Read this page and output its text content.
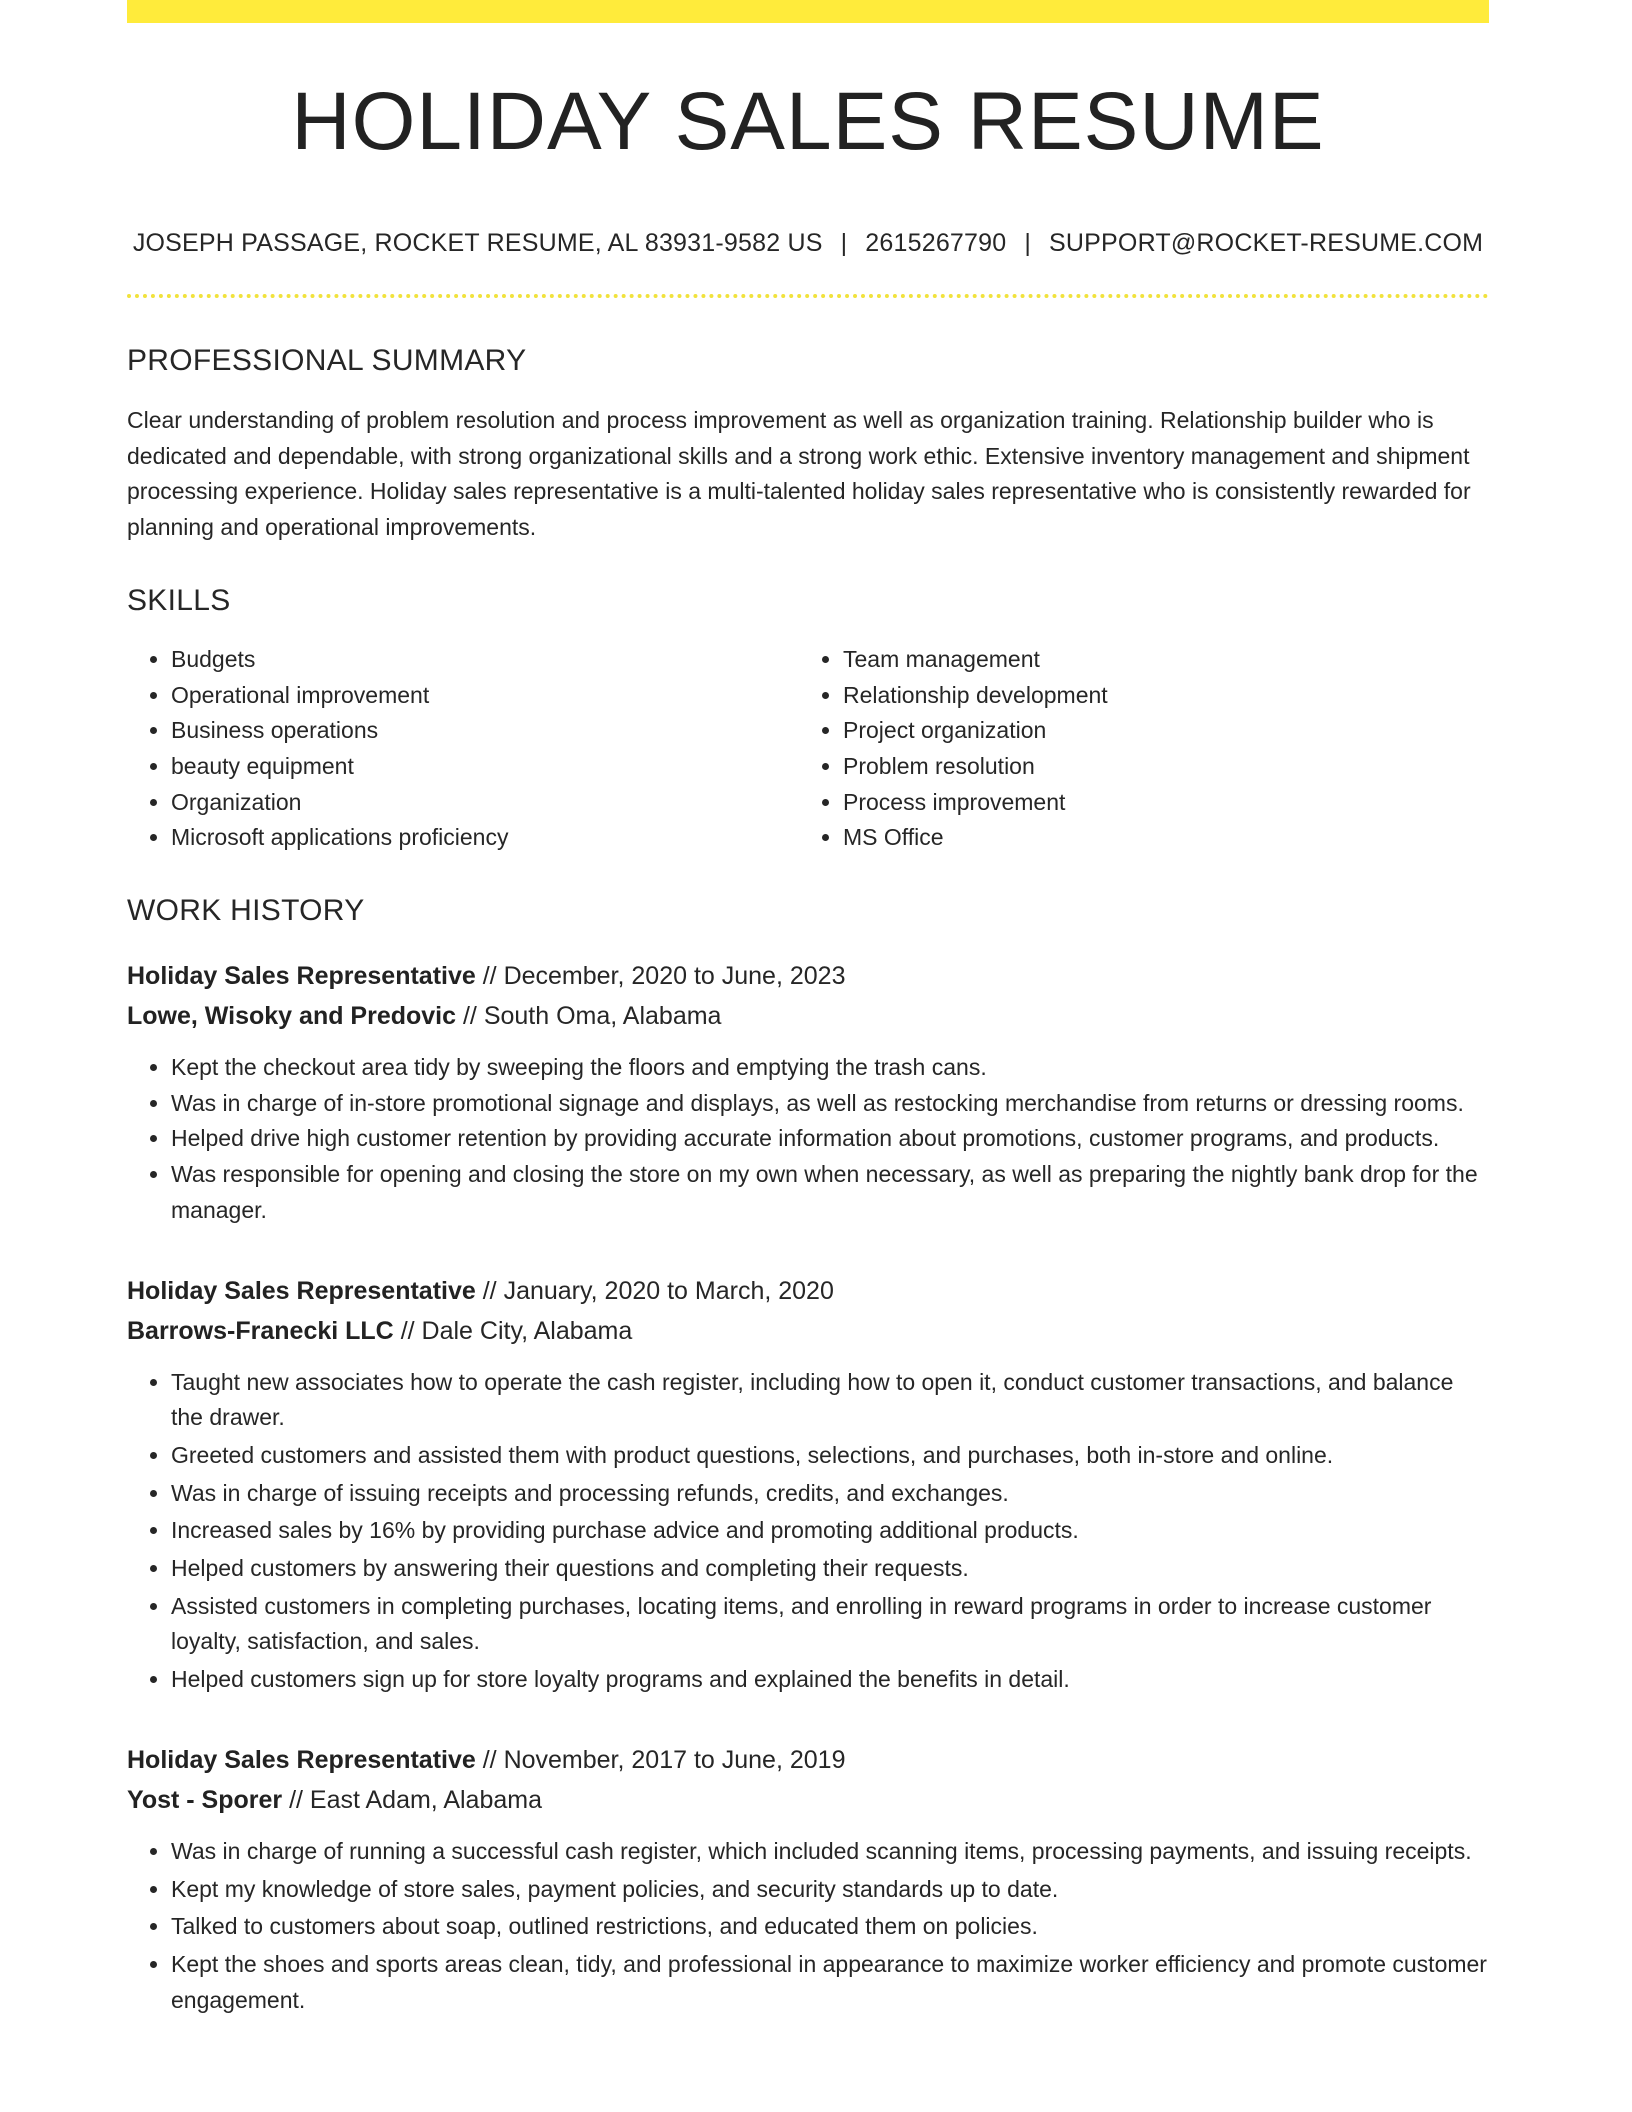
HOLIDAY SALES RESUME
JOSEPH PASSAGE, ROCKET RESUME, AL 83931-9582 US | 2615267790 | SUPPORT@ROCKET-RESUME.COM
PROFESSIONAL SUMMARY

Clear understanding of problem resolution and process improvement as well as organization training. Relationship builder who is dedicated and dependable, with strong organizational skills and a strong work ethic. Extensive inventory management and shipment processing experience. Holiday sales representative is a multi-talented holiday sales representative who is consistently rewarded for planning and operational improvements.

SKILLS
• Budgets
• Operational improvement
• Business operations
• beauty equipment
• Organization
• Microsoft applications proficiency
• Team management
• Relationship development
• Project organization
• Problem resolution
• Process improvement
• MS Office
WORK HISTORY
Holiday Sales Representative // December, 2020 to June, 2023
Lowe, Wisoky and Predovic // South Oma, Alabama
• Kept the checkout area tidy by sweeping the floors and emptying the trash cans.
• Was in charge of in-store promotional signage and displays, as well as restocking merchandise from returns or dressing rooms.
• Helped drive high customer retention by providing accurate information about promotions, customer programs, and products.
• Was responsible for opening and closing the store on my own when necessary, as well as preparing the nightly bank drop for the manager.
Holiday Sales Representative // January, 2020 to March, 2020
Barrows-Franecki LLC // Dale City, Alabama
• Taught new associates how to operate the cash register, including how to open it, conduct customer transactions, and balance the drawer.
• Greeted customers and assisted them with product questions, selections, and purchases, both in-store and online.
• Was in charge of issuing receipts and processing refunds, credits, and exchanges.
• Increased sales by 16% by providing purchase advice and promoting additional products.
• Helped customers by answering their questions and completing their requests.
• Assisted customers in completing purchases, locating items, and enrolling in reward programs in order to increase customer loyalty, satisfaction, and sales.
• Helped customers sign up for store loyalty programs and explained the benefits in detail.
Holiday Sales Representative // November, 2017 to June, 2019
Yost - Sporer // East Adam, Alabama
• Was in charge of running a successful cash register, which included scanning items, processing payments, and issuing receipts.
• Kept my knowledge of store sales, payment policies, and security standards up to date.
• Talked to customers about soap, outlined restrictions, and educated them on policies.
• Kept the shoes and sports areas clean, tidy, and professional in appearance to maximize worker efficiency and promote customer engagement.
